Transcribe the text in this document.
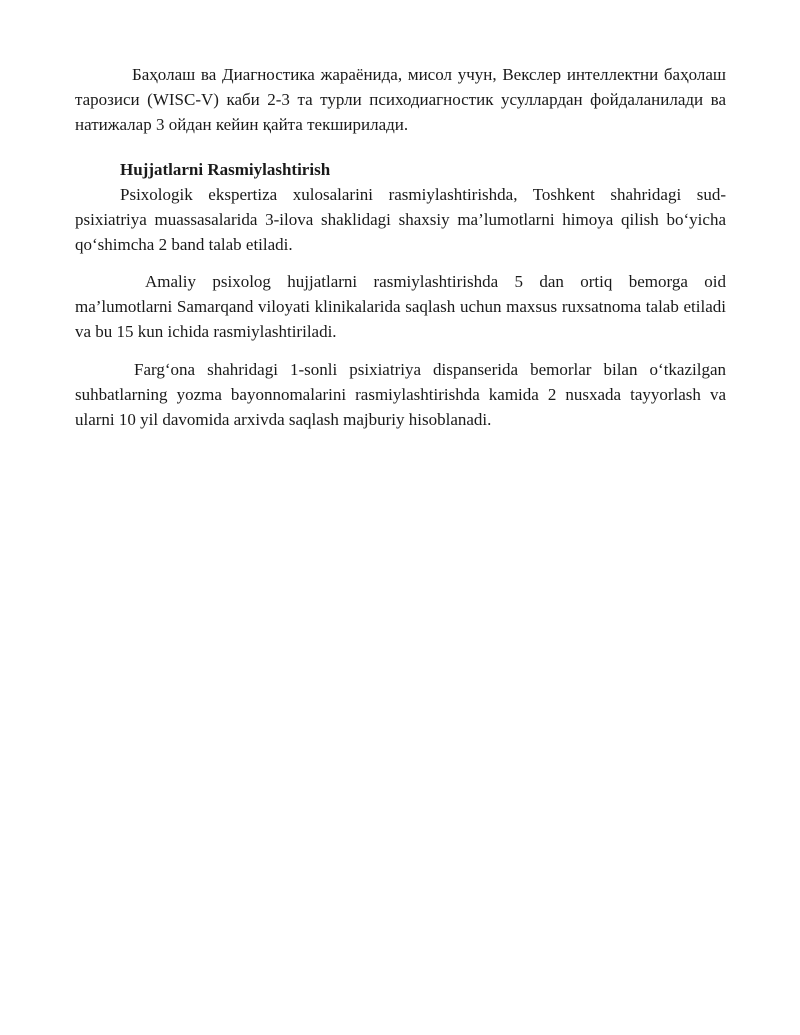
Баҳолаш ва Диагностика жараёнида, мисол учун, Векслер интеллектни баҳолаш тарозиси (WISC-V) каби 2-3 та турли психодиагностик усуллардан фойдаланилади ва натижалар 3 ойдан кейин қайта текширилади.

Hujjatlarni Rasmiylashtirish

Psixologik ekspertiza xulosalarini rasmiylashtirishda, Toshkent shahridagi sud-psixiatriya muassasalarida 3-ilova shaklidagi shaxsiy ma’lumotlarni himoya qilish bo‘yicha qo‘shimcha 2 band talab etiladi.

Amaliy psixolog hujjatlarni rasmiylashtirishda 5 dan ortiq bemorga oid ma’lumotlarni Samarqand viloyati klinikalarida saqlash uchun maxsus ruxsatnoma talab etiladi va bu 15 kun ichida rasmiylashtiriladi.

Farg‘ona shahridagi 1-sonli psixiatriya dispanserida bemorlar bilan o‘tkazilgan suhbatlarning yozma bayonnomalarini rasmiylashtirishda kamida 2 nusxada tayyorlash va ularni 10 yil davomida arxivda saqlash majburiy hisoblanadi.
